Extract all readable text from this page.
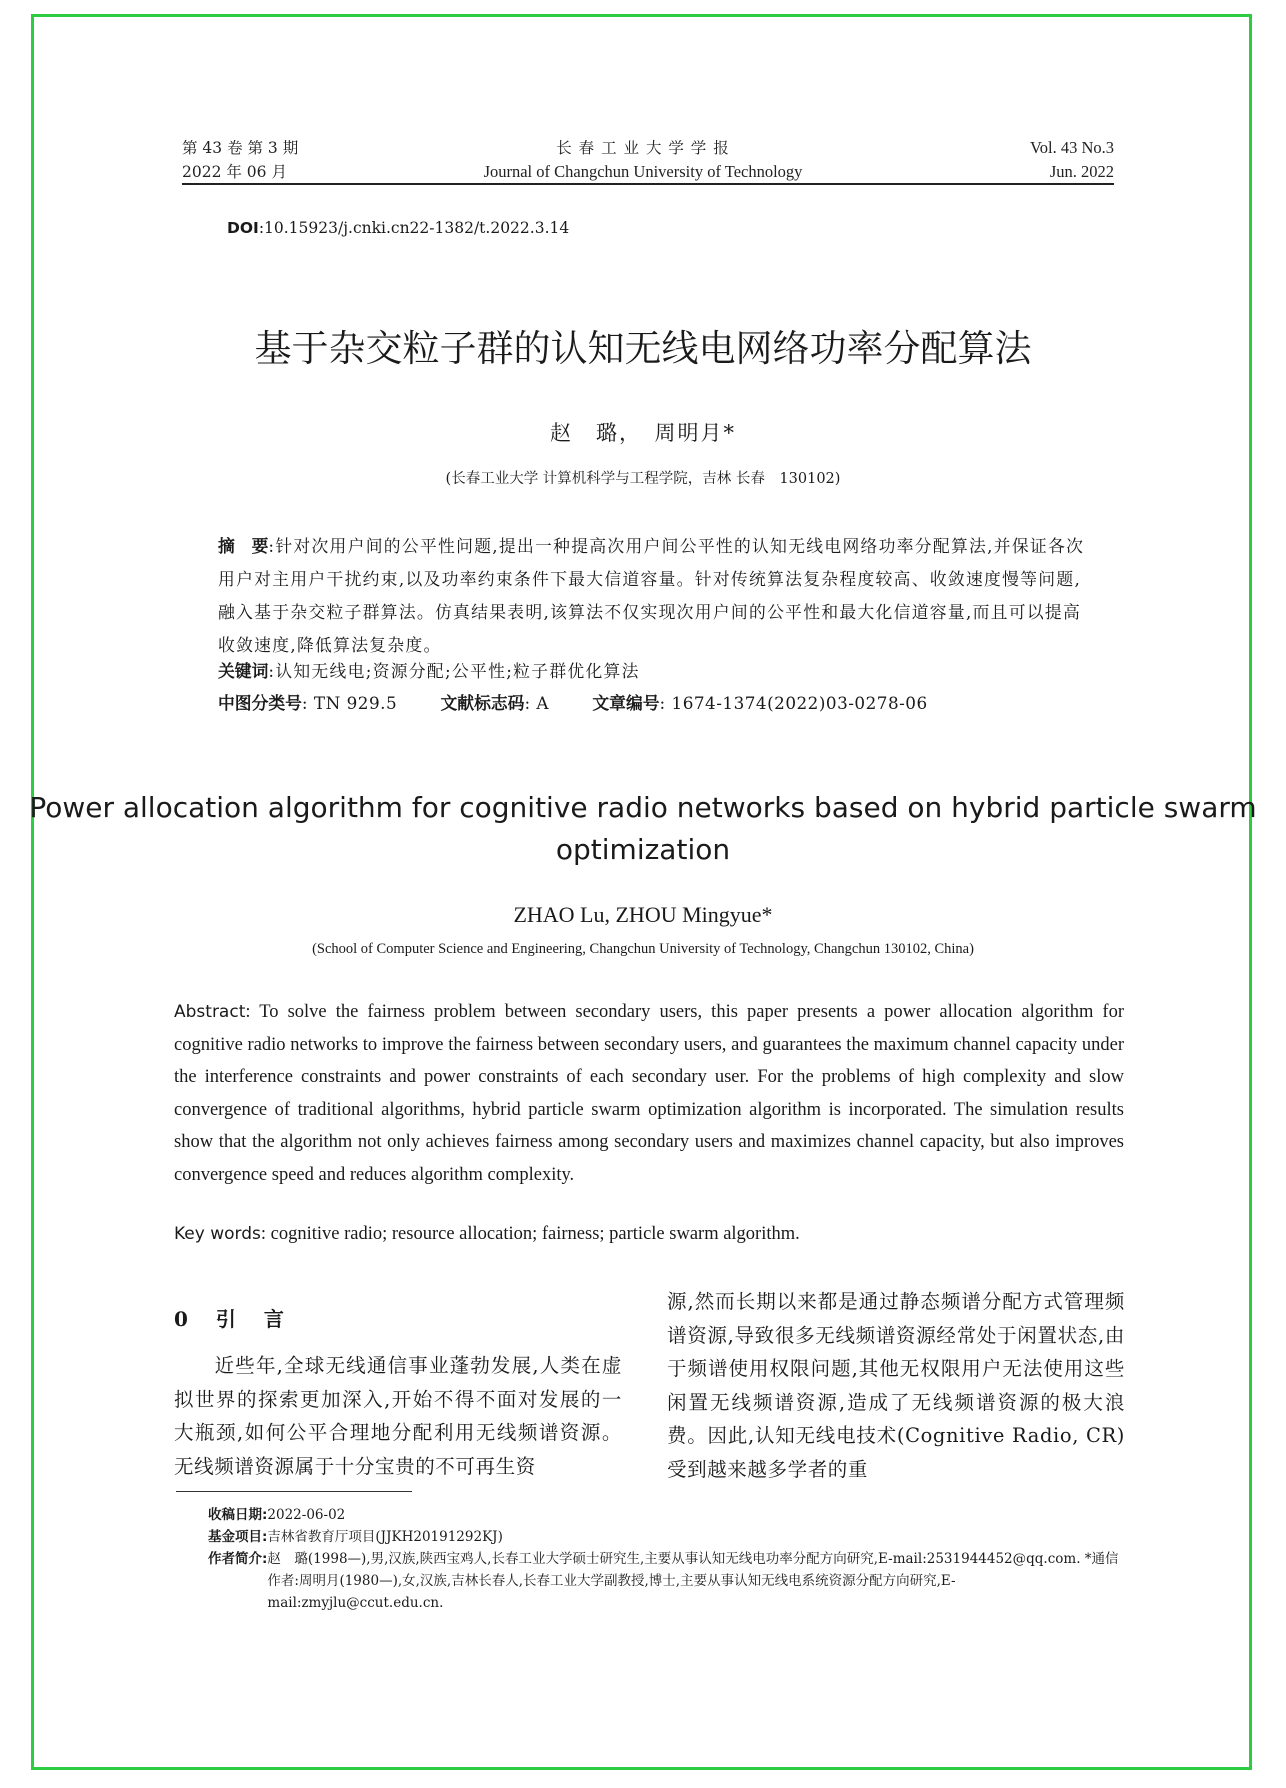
第 43 卷 第 3 期
2022 年 06 月
长 春 工 业 大 学 学 报
Journal of Changchun University of Technology
Vol. 43 No.3
Jun. 2022
DOI:10.15923/j.cnki.cn22-1382/t.2022.3.14
基于杂交粒子群的认知无线电网络功率分配算法
赵　璐，　周明月*
(长春工业大学 计算机科学与工程学院，吉林 长春　130102)
摘　要:针对次用户间的公平性问题,提出一种提高次用户间公平性的认知无线电网络功率分配算法,并保证各次用户对主用户干扰约束,以及功率约束条件下最大信道容量。针对传统算法复杂程度较高、收敛速度慢等问题,融入基于杂交粒子群算法。仿真结果表明,该算法不仅实现次用户间的公平性和最大化信道容量,而且可以提高收敛速度,降低算法复杂度。
关键词:认知无线电;资源分配;公平性;粒子群优化算法
中图分类号: TN 929.5	文献标志码: A	文章编号: 1674-1374(2022)03-0278-06
Power allocation algorithm for cognitive radio networks based on hybrid particle swarm optimization
ZHAO Lu, ZHOU Mingyue*
(School of Computer Science and Engineering, Changchun University of Technology, Changchun 130102, China)
Abstract: To solve the fairness problem between secondary users, this paper presents a power allocation algorithm for cognitive radio networks to improve the fairness between secondary users, and guarantees the maximum channel capacity under the interference constraints and power constraints of each secondary user. For the problems of high complexity and slow convergence of traditional algorithms, hybrid particle swarm optimization algorithm is incorporated. The simulation results show that the algorithm not only achieves fairness among secondary users and maximizes channel capacity, but also improves convergence speed and reduces algorithm complexity.
Key words: cognitive radio; resource allocation; fairness; particle swarm algorithm.
0　引　言
近些年,全球无线通信事业蓬勃发展,人类在虚拟世界的探索更加深入,开始不得不面对发展的一大瓶颈,如何公平合理地分配利用无线频谱资源。无线频谱资源属于十分宝贵的不可再生资
源,然而长期以来都是通过静态频谱分配方式管理频谱资源,导致很多无线频谱资源经常处于闲置状态,由于频谱使用权限问题,其他无权限用户无法使用这些闲置无线频谱资源,造成了无线频谱资源的极大浪费。因此,认知无线电技术(Cognitive Radio, CR)受到越来越多学者的重
收稿日期: 2022-06-02
基金项目: 吉林省教育厅项目(JJKH20191292KJ)
作者简介: 赵　璐(1998—),男,汉族,陕西宝鸡人,长春工业大学硕士研究生,主要从事认知无线电功率分配方向研究,E-mail:2531944452@qq.com. *通信作者:周明月(1980—),女,汉族,吉林长春人,长春工业大学副教授,博士,主要从事认知无线电系统资源分配方向研究,E-mail:zmyjlu@ccut.edu.cn.
